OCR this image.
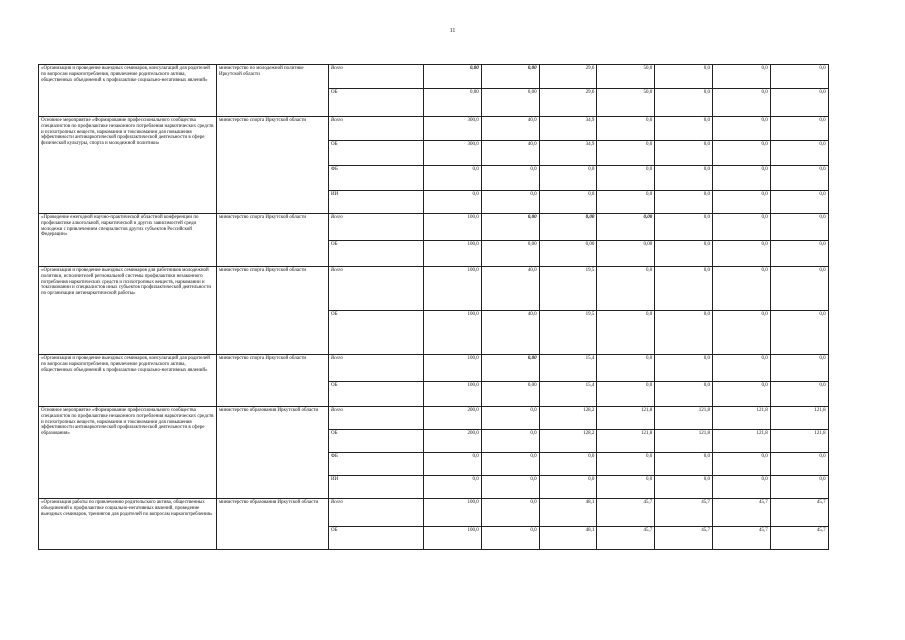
11
«Организация и проведение выездных семинаров, консультаций для родителей по вопросам наркопотребления, привлечение родительского актива, общественных объединений к профилактике социально-негативных явлений»	министерство по молодежной политике Иркутской области	Всего	0,00	0,00	29,6	50,0	0,0	0,0	0,0
		ОБ	0,00	0,00	29,6	50,0	0,0	0,0	0,0
Основное мероприятие «Формирование профессионального сообщества специалистов по профилактике незаконного потребления наркотических средств и психотропных веществ, наркомании и токсикомании для повышения эффективности антинаркотической профилактической деятельности в сфере физической культуры, спорта и молодежной политики»	министерство спорта Иркутской области	Всего	300,0	40,0	34,9	0,0	0,0	0,0	0,0
		ОБ	300,0	40,0	34,9	0,0	0,0	0,0	0,0
		ФБ	0,0	0,0	0,0	0,0	0,0	0,0	0,0
		ИИ	0,0	0,0	0,0	0,0	0,0	0,0	0,0
«Проведение ежегодной научно-практической областной конференции по профилактике алкогольной, наркотической и других зависимостей среди молодежи с привлечением специалистов других субъектов Российской Федерации»	министерство спорта Иркутской области	Всего	100,0	0,00	0,00	0,00	0,0	0,0	0,0
		ОБ	100,0	0,00	0,00	0,00	0,0	0,0	0,0
«Организация и проведение выездных семинаров для работников молодежной политики, исполнителей региональной системы профилактики незаконного потребления наркотических средств и психотропных веществ, наркомании и токсикомании и специалистов иных субъектов профилактической деятельности по организации антинаркотической работы»	министерство спорта Иркутской области	Всего	100,0	40,0	19,5	0,0	0,0	0,0	0,0
		ОБ	100,0	40,0	19,5	0,0	0,0	0,0	0,0
«Организация и проведение выездных семинаров, консультаций для родителей по вопросам наркопотребления, привлечение родительского актива, общественных объединений к профилактике социально-негативных явлений»	министерство спорта Иркутской области	Всего	100,0	0,00	15,4	0,0	0,0	0,0	0,0
		ОБ	100,0	0,00	15,4	0,0	0,0	0,0	0,0
Основное мероприятие «Формирование профессионального сообщества специалистов по профилактике незаконного потребления наркотических средств и психотропных веществ, наркомании и токсикомании для повышения эффективности антинаркотической профилактической деятельности в сфере образования»	министерство образования Иркутской области	Всего	200,0	0,0	128,2	121,8	121,8	121,8	121,8
		ОБ	200,0	0,0	128,2	121,8	121,8	121,8	121,8
		ФБ	0,0	0,0	0,0	0,0	0,0	0,0	0,0
		ИИ	0,0	0,0	0,0	0,0	0,0	0,0	0,0
«Организация работы по привлечению родительского актива, общественных объединений к профилактике социально-негативных явлений, проведение выездных семинаров, тренингов для родителей по вопросам наркопотребления»	министерство образования Иркутской области	Всего	100,0	0,0	48,1	45,7	45,7	45,7	45,7
		ОБ	100,0	0,0	48,1	45,7	45,7	45,7	45,7
